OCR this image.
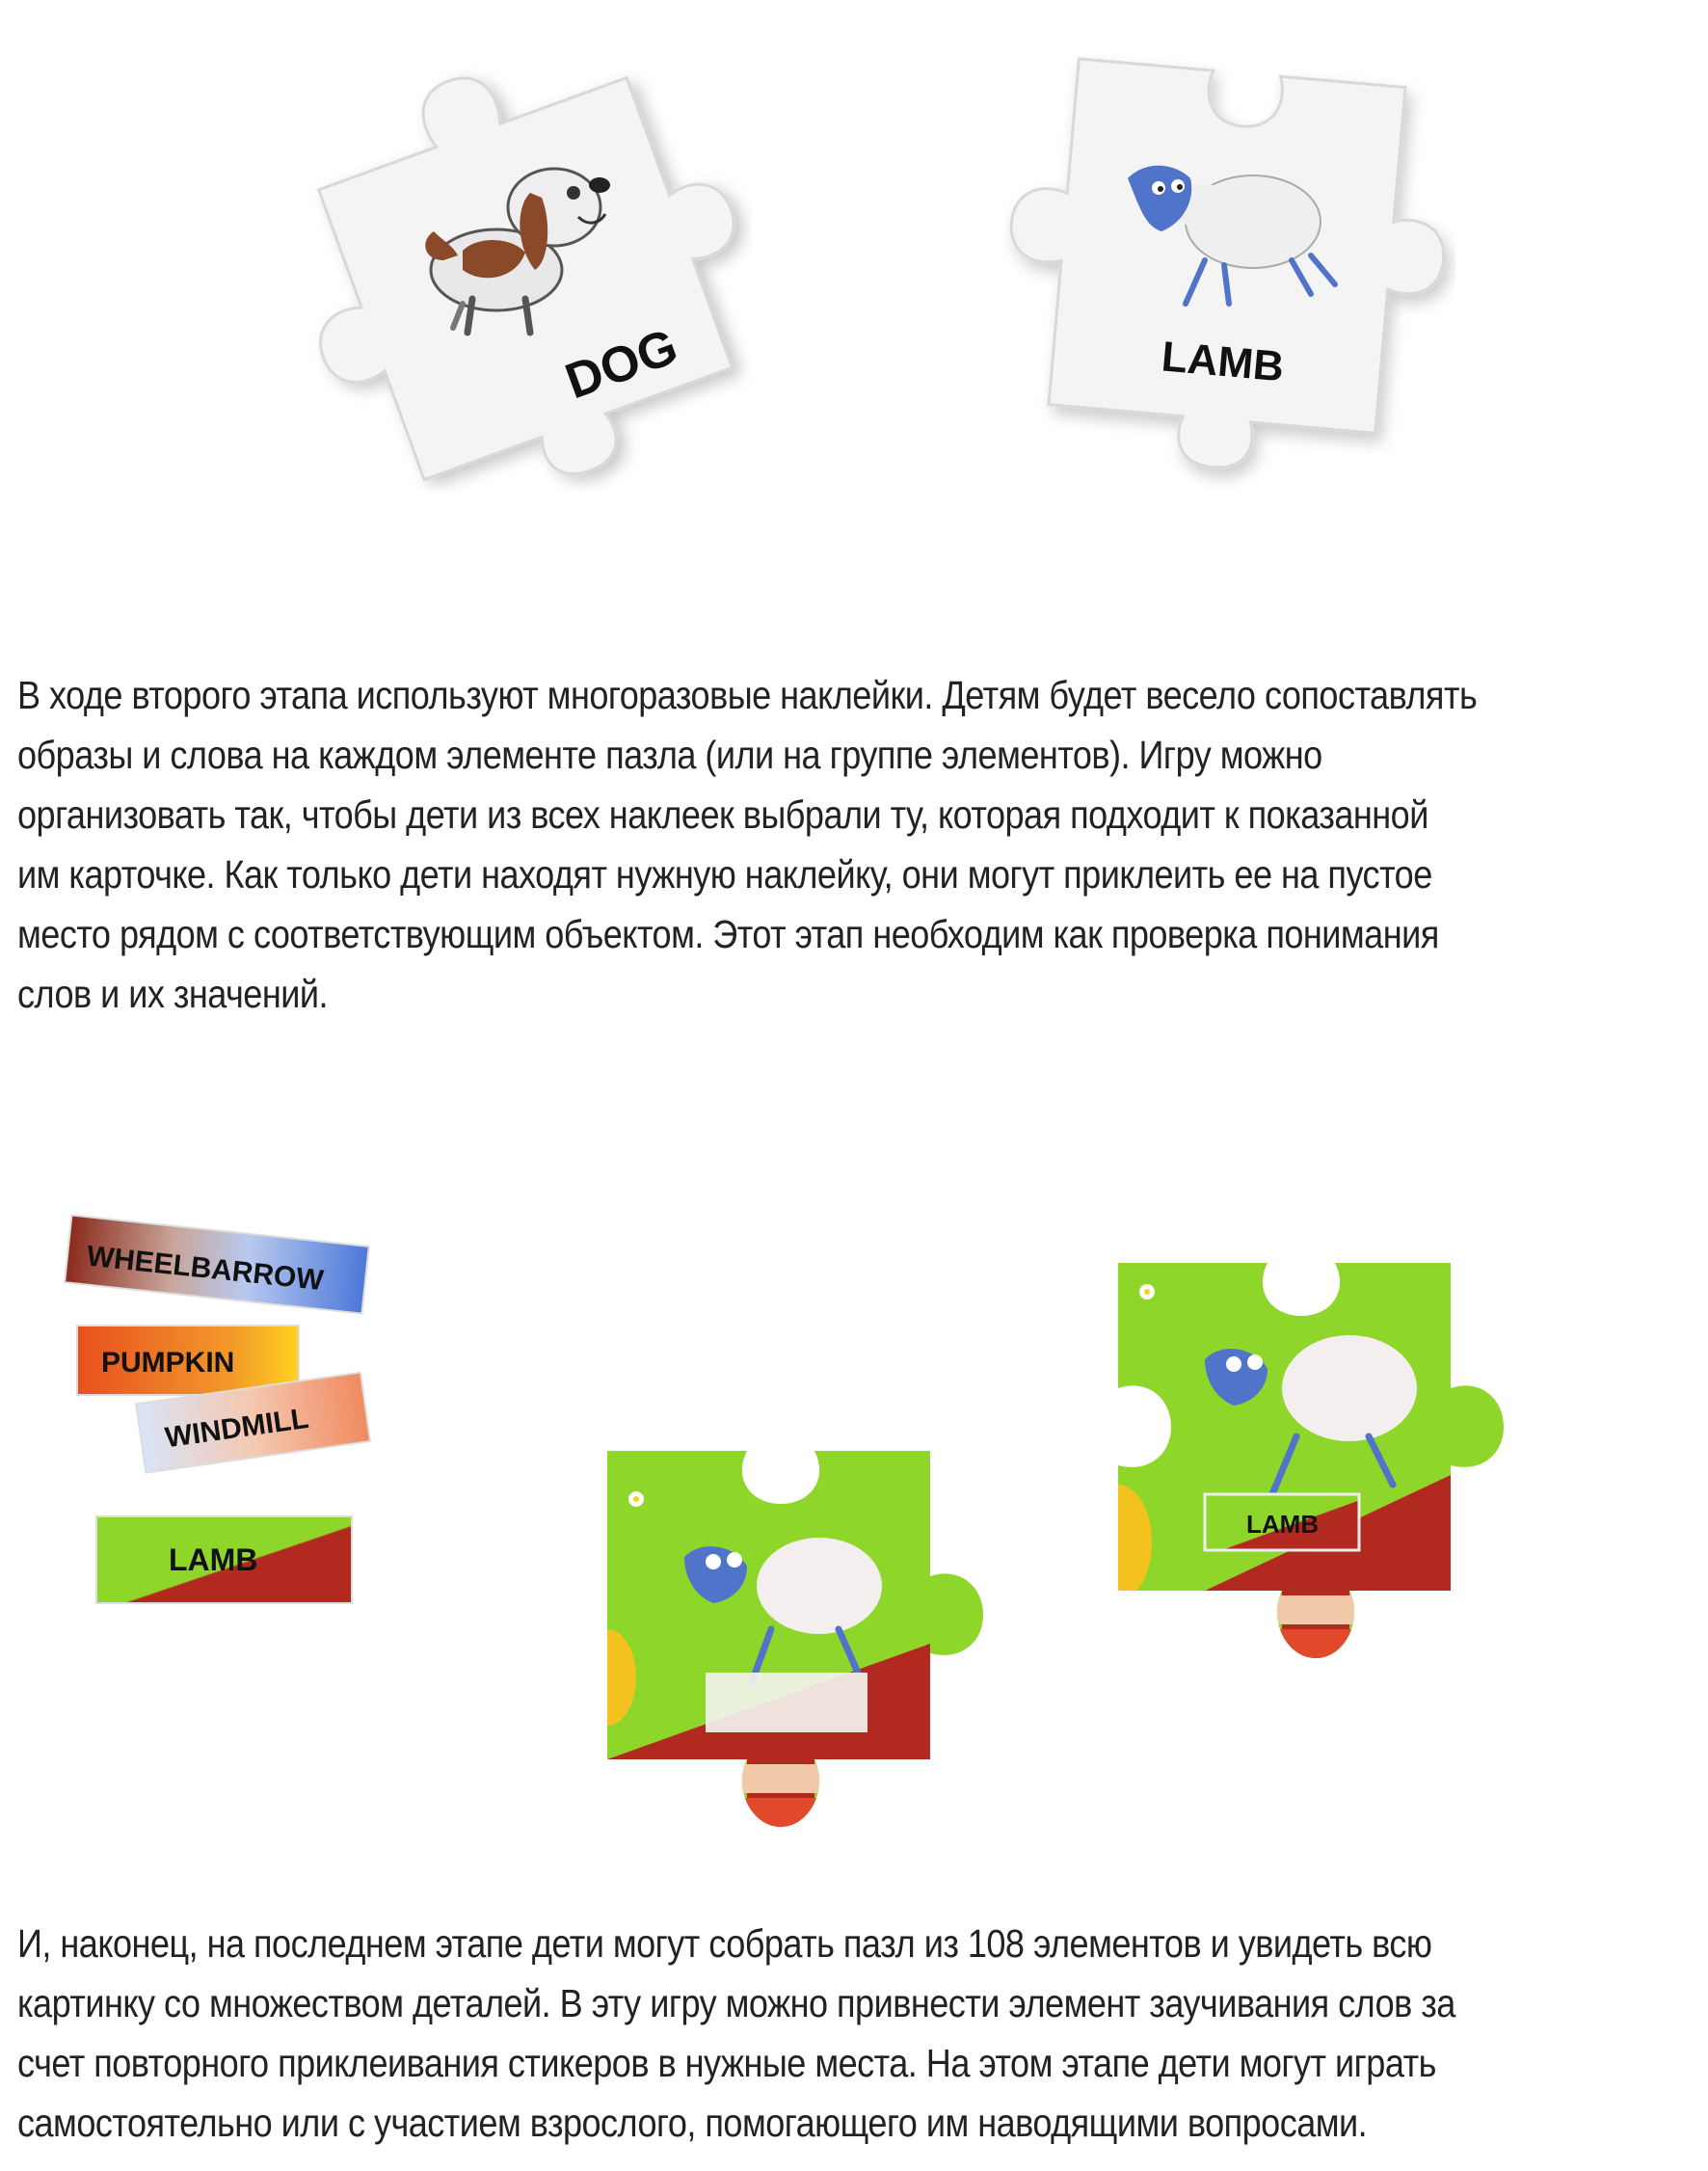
DOG	LAMB
В ходе второго этапа используют многоразовые наклейки. Детям будет весело сопоставлять
образы и слова на каждом элементе пазла (или на группе элементов). Игру можно
организовать так, чтобы дети из всех наклеек выбрали ту, которая подходит к показанной
им карточке. Как только дети находят нужную наклейку, они могут приклеить ее на пустое
место рядом с соответствующим объектом. Этот этап необходим как проверка понимания
слов и их значений.
WHEELBARROW
PUMPKIN
WINDMILL
LAMB
LAMB
И, наконец, на последнем этапе дети могут собрать пазл из 108 элементов и увидеть всю
картинку со множеством деталей. В эту игру можно привнести элемент заучивания слов за
счет повторного приклеивания стикеров в нужные места. На этом этапе дети могут играть
самостоятельно или с участием взрослого, помогающего им наводящими вопросами.
